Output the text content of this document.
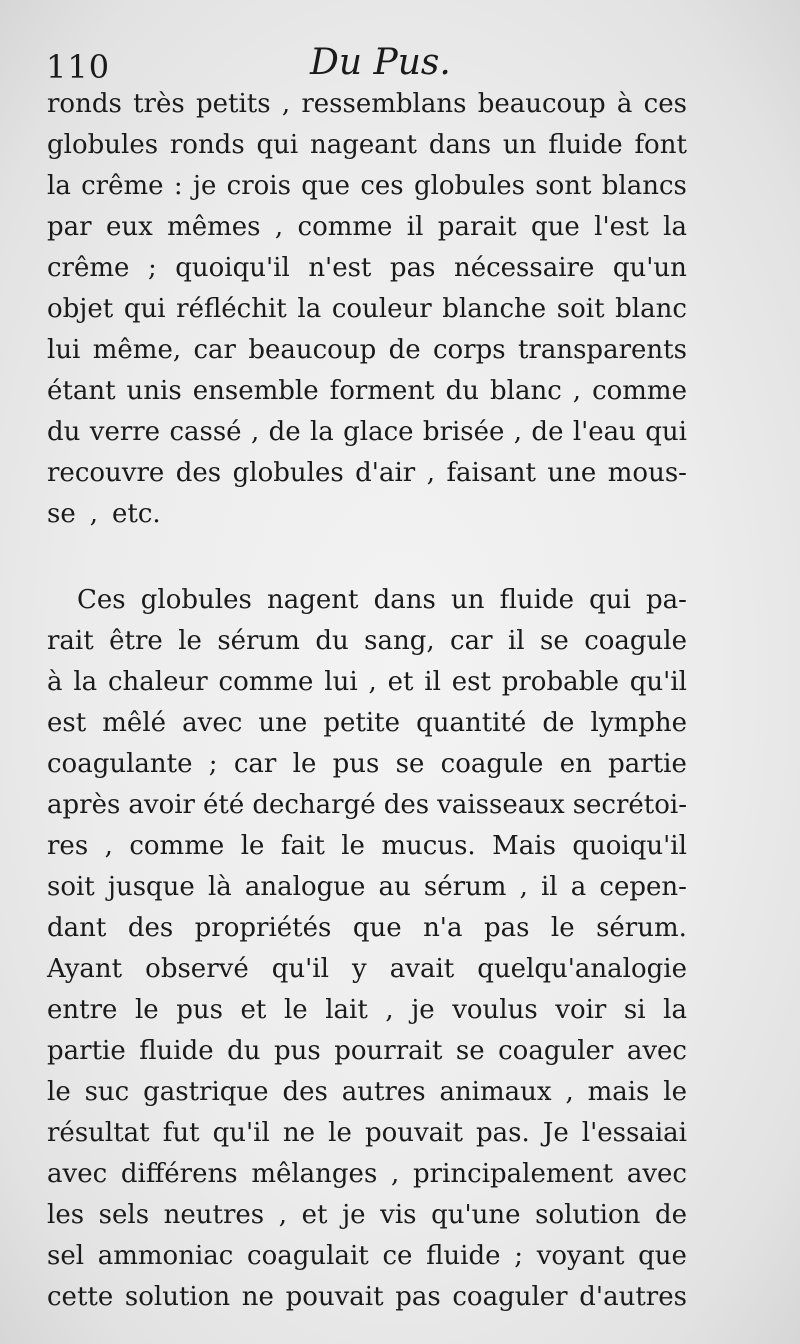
110	Du Pus.
ronds très petits , ressemblans beaucoup à ces
globules ronds qui nageant dans un fluide font
la crême : je crois que ces globules sont blancs
par eux mêmes , comme il parait que l'est la
crême ; quoiqu'il n'est pas nécessaire qu'un
objet qui réfléchit la couleur blanche soit blanc
lui même, car beaucoup de corps transparents
étant unis ensemble forment du blanc , comme
du verre cassé , de la glace brisée , de l'eau qui
recouvre des globules d'air , faisant une mous-
se , etc.
Ces globules nagent dans un fluide qui pa-
rait être le sérum du sang, car il se coagule
à la chaleur comme lui , et il est probable qu'il
est mêlé avec une petite quantité de lymphe
coagulante ; car le pus se coagule en partie
après avoir été dechargé des vaisseaux secrétoi-
res , comme le fait le mucus. Mais quoiqu'il
soit jusque là analogue au sérum , il a cepen-
dant des propriétés que n'a pas le sérum.
Ayant observé qu'il y avait quelqu'analogie
entre le pus et le lait , je voulus voir si la
partie fluide du pus pourrait se coaguler avec
le suc gastrique des autres animaux , mais le
résultat fut qu'il ne le pouvait pas. Je l'essaiai
avec différens mêlanges , principalement avec
les sels neutres , et je vis qu'une solution de
sel ammoniac coagulait ce fluide ; voyant que
cette solution ne pouvait pas coaguler d'autres
